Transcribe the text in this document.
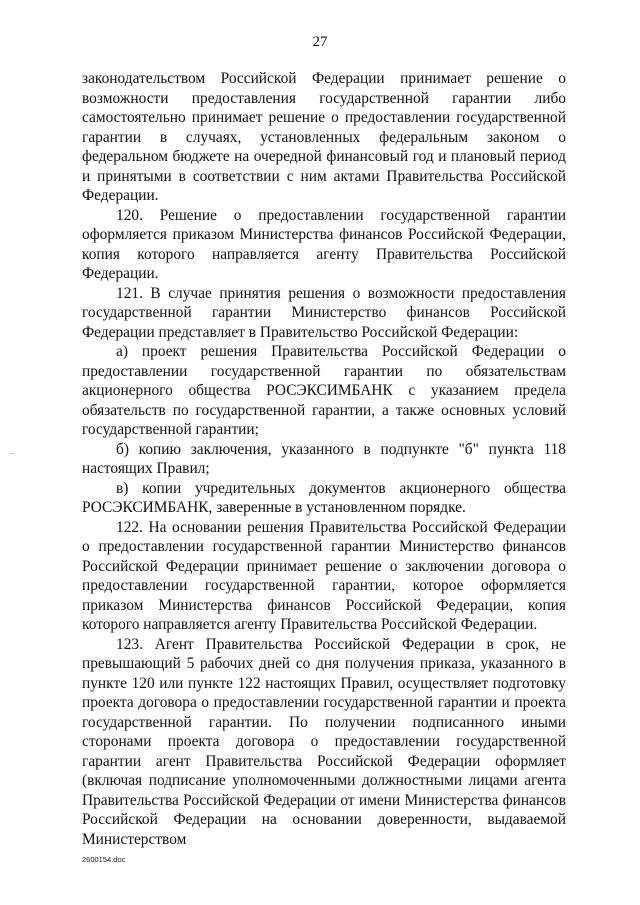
27

законодательством Российской Федерации принимает решение о возможности предоставления государственной гарантии либо самостоятельно принимает решение о предоставлении государственной гарантии в случаях, установленных федеральным законом о федеральном бюджете на очередной финансовый год и плановый период и принятыми в соответствии с ним актами Правительства Российской Федерации.

120. Решение о предоставлении государственной гарантии оформляется приказом Министерства финансов Российской Федерации, копия которого направляется агенту Правительства Российской Федерации.

121. В случае принятия решения о возможности предоставления государственной гарантии Министерство финансов Российской Федерации представляет в Правительство Российской Федерации:

а) проект решения Правительства Российской Федерации о предоставлении государственной гарантии по обязательствам акционерного общества РОСЭКСИМБАНК с указанием предела обязательств по государственной гарантии, а также основных условий государственной гарантии;

б) копию заключения, указанного в подпункте "б" пункта 118 настоящих Правил;

в) копии учредительных документов акционерного общества РОСЭКСИМБАНК, заверенные в установленном порядке.

122. На основании решения Правительства Российской Федерации о предоставлении государственной гарантии Министерство финансов Российской Федерации принимает решение о заключении договора о предоставлении государственной гарантии, которое оформляется приказом Министерства финансов Российской Федерации, копия которого направляется агенту Правительства Российской Федерации.

123. Агент Правительства Российской Федерации в срок, не превышающий 5 рабочих дней со дня получения приказа, указанного в пункте 120 или пункте 122 настоящих Правил, осуществляет подготовку проекта договора о предоставлении государственной гарантии и проекта государственной гарантии. По получении подписанного иными сторонами проекта договора о предоставлении государственной гарантии агент Правительства Российской Федерации оформляет (включая подписание уполномоченными должностными лицами агента Правительства Российской Федерации от имени Министерства финансов Российской Федерации на основании доверенности, выдаваемой Министерством

2600154.doc
